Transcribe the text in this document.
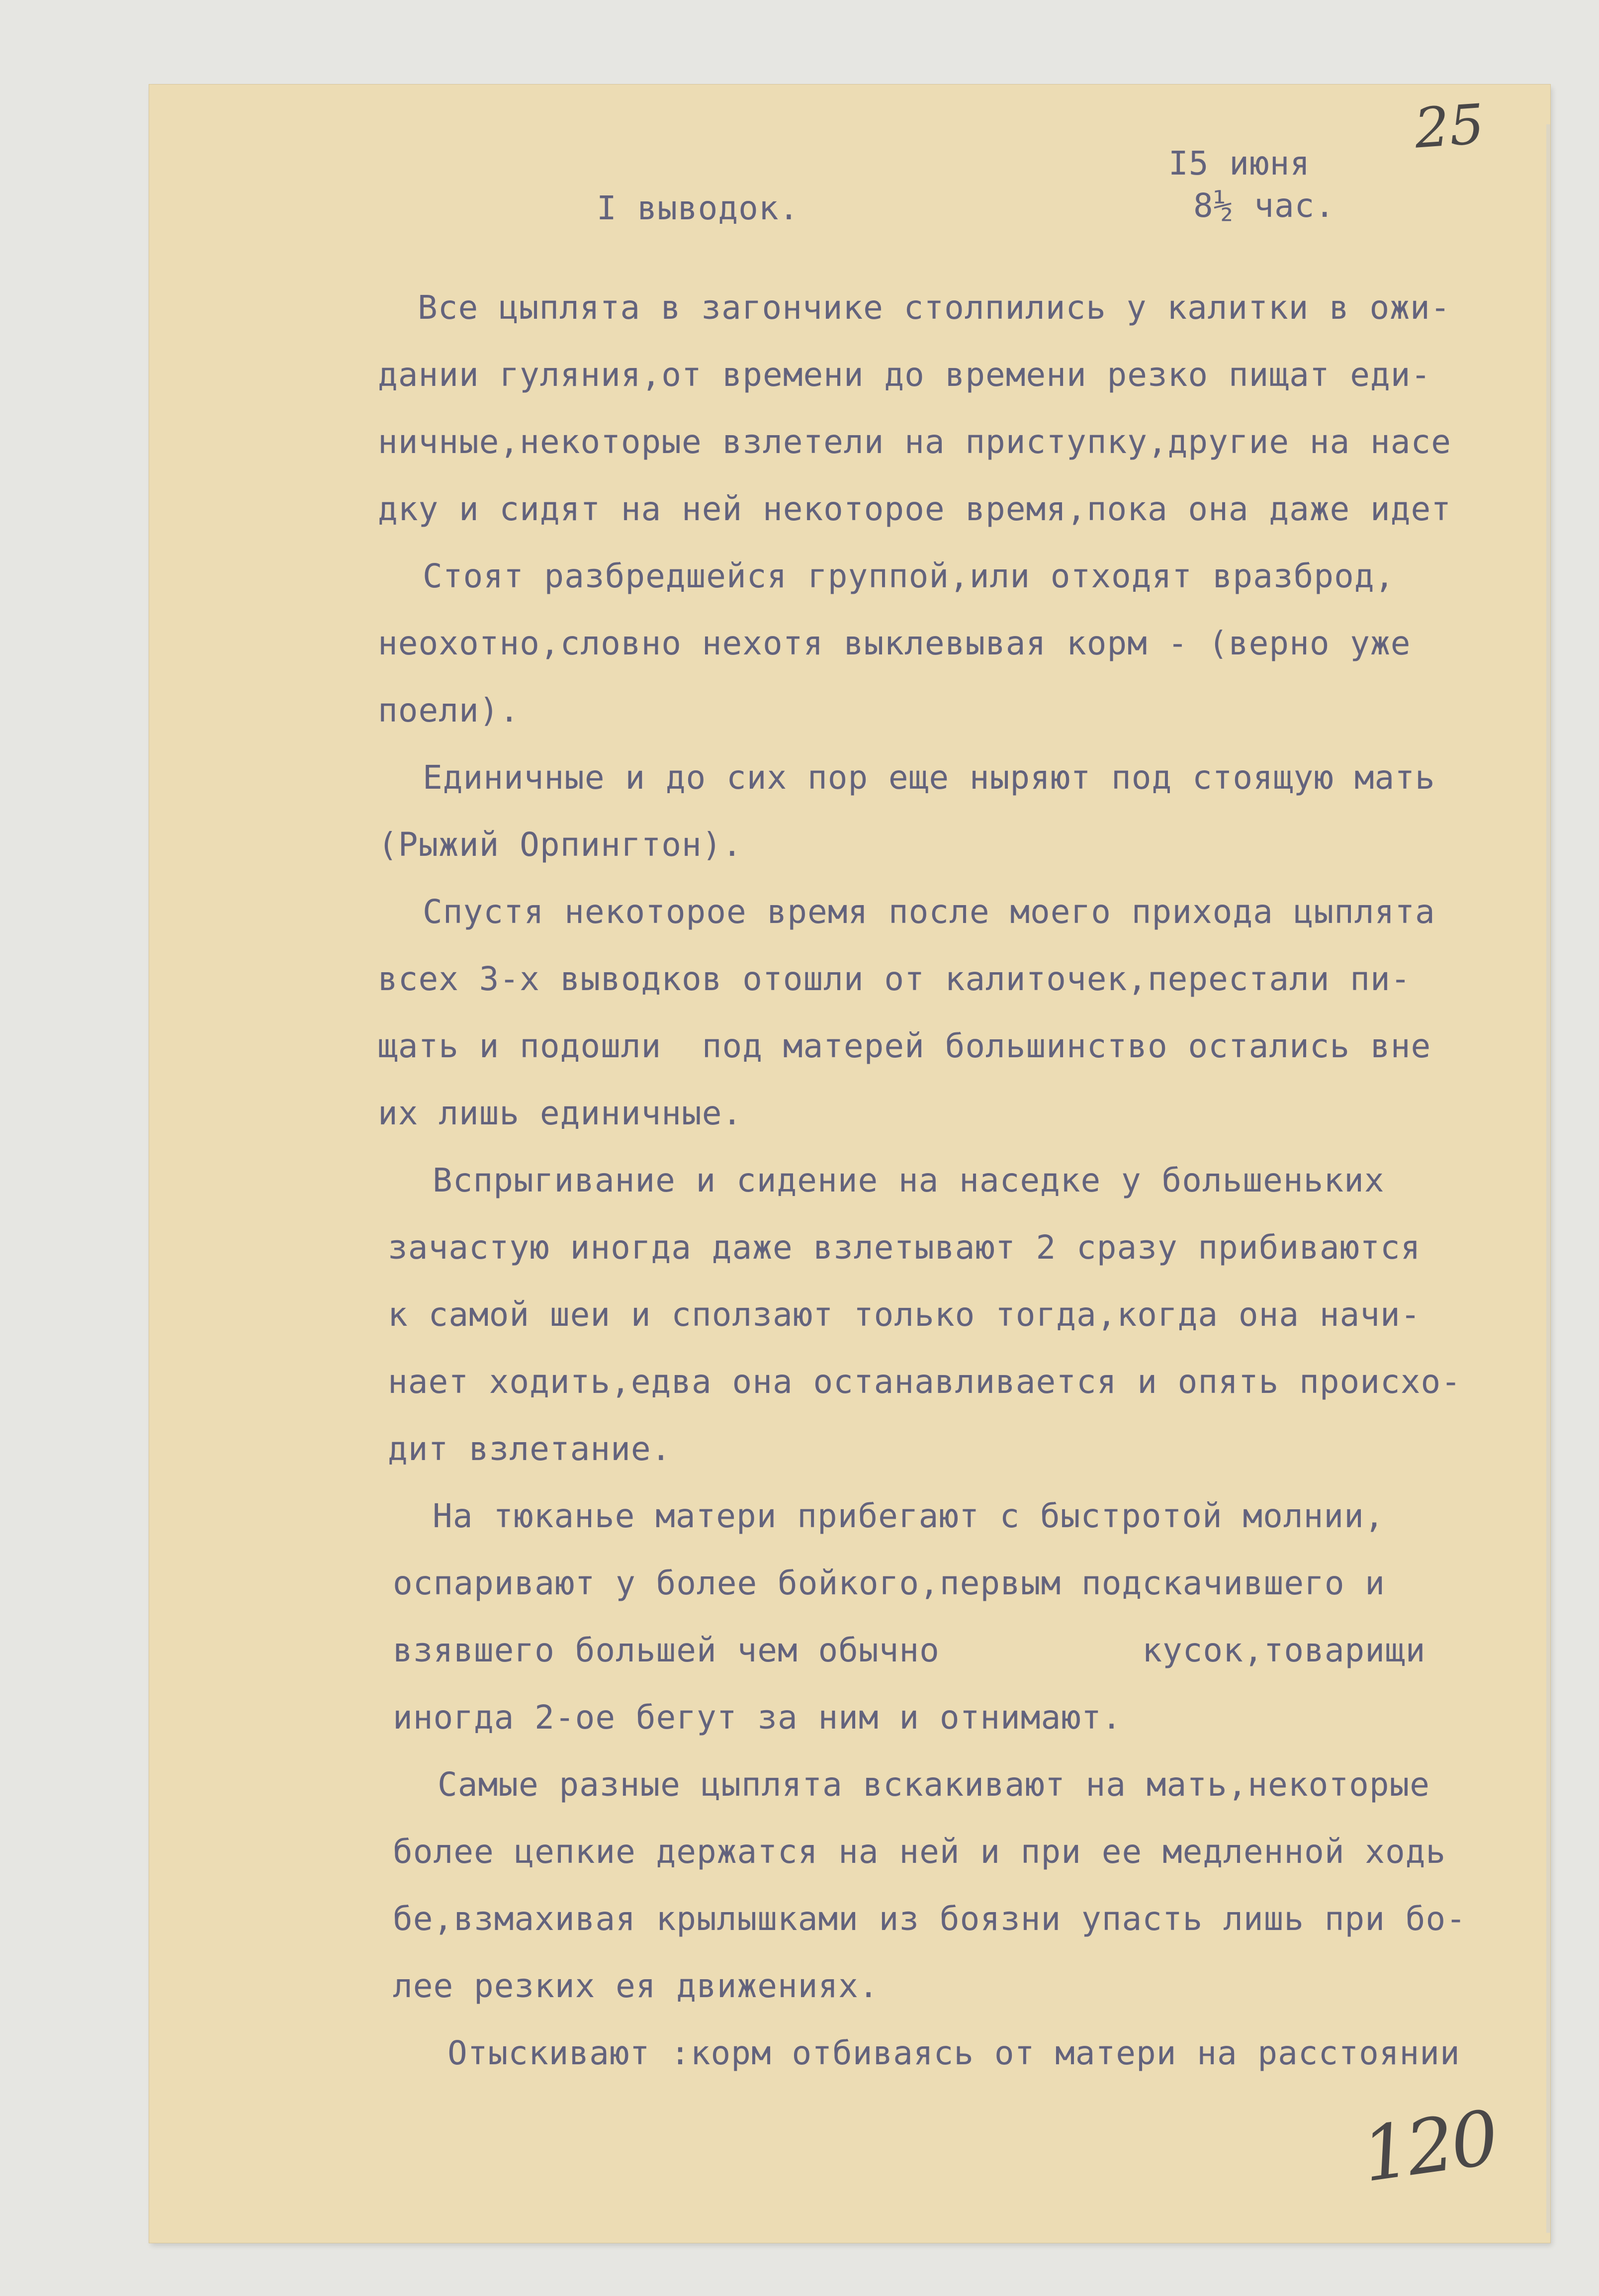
25
I выводок.
I5 июня
8½ час.

Все цыплята в загончике столпились у калитки в ожи-

дании гуляния,от времени до времени резко пищат еди-

ничные,некоторые взлетели на приступку,другие на насе

дку и сидят на ней некоторое время,пока она даже идет

Стоят разбредшейся группой,или отходят вразброд,

неохотно,словно нехотя выклевывая корм - (верно уже

поели).

Единичные и до сих пор еще ныряют под стоящую мать

(Рыжий Орпингтон).

Спустя некоторое время после моего прихода цыплята

всех 3-х выводков отошли от калиточек,перестали пи-

щать и подошли  под матерей большинство остались вне

их лишь единичные.

Вспрыгивание и сидение на наседке у большенькиx

зачастую иногда даже взлетывают 2 сразу прибиваются

к самой шеи и сползают только тогда,когда она начи-

нает ходить,едва она останавливается и опять происхо-

дит взлетание.

На тюканье матери прибегают с быстротой молнии,

оспаривают у более бойкого,первым подскачившего и

взявшего большей чем обычно          кусок,товарищи

иногда 2-ое бегут за ним и отнимают.

Самые разные цыплята вскакивают на мать,некоторые

более цепкие держатся на ней и при ее медленной ходь

бе,взмахивая крылышками из боязни упасть лишь при бо-

лее резких ея движениях.

Отыскивают :корм отбиваясь от матери на расстоянии

120
